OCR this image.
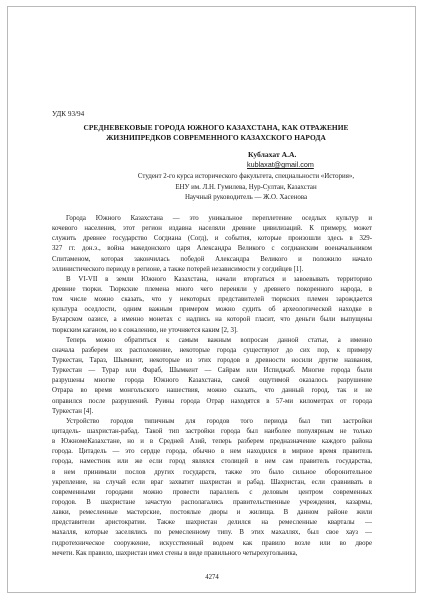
УДК 93/94
СРЕДНЕВЕКОВЫЕ ГОРОДА ЮЖНОГО КАЗАХСТАНА, КАК ОТРАЖЕНИЕ
ЖИЗНИПРЕДКОВ СОВРЕМЕННОГО КАЗАХСКОГО НАРОДА
Кублахат А.А.
kublaxat@gmail.com
Студент 2-го курса исторического факультета, специальности «История»,
ЕНУ им. Л.Н. Гумилева, Нур-Султан, Казахстан
Научный руководитель — Ж.О. Хасенова
Города Южного Казахстана — это уникальное переплетение оседлых культур и
кочевого населения, этот регион издавна населяли древние цивилизаций. К примеру, может
служить древнее государство Согдиана (Согд), и события, которые произошли здесь в 329-
327 гг. дон.э., война македонского царя Александра Великого с согдианским военачальником
Спитаменом, которая закончилась победой Александра Великого и положило начало
эллинистического периоду в регионе, а также потерей независимости у согдийцев [1].
В VI-VII в земли Южного Казахстана, начали вторгаться и завоевывать территорию
древние тюрки. Тюркские племена много чего переняли у древнего покоренного народа, в
том числе можно сказать, что у некоторых представителей тюркских племен зарождается
культура оседлости, одним важным примером можно судить об археологической находке в
Бухарском оазисе, а именно монетах с надпись на которой гласит, что деньги были выпущены
тюркским каганом, но к сожалению, не уточняется каким [2, 3].
Теперь можно обратиться к самым важным вопросам данной статьи, а именно
сначала разберем их расположение, некоторые города существуют до сих пор, к примеру
Туркестан, Тараз, Шымкент, некоторые из этих городов в древности носили другие названия,
Туркестан — Турар или Фараб, Шымкент — Сайрам или Испиджаб. Многие города были
разрушены многие города Южного Казахстана, самой ощутимой оказалось разрушение
Отрара во время монгольского нашествия, можно сказать, что данный город, так и не
оправился после разрушений. Руины города Отрар находятся в 57-ми километрах от города
Туркестан [4].
Устройство городов типичным для городов того периода был тип застройки
цитадель- шахристан-рабад. Такой тип застройки города был наиболее популярным не только
в ЮжномеКазахстане, но и в Средней Азий, теперь разберем предназначение каждого района
города. Цитадель — это сердце города, обычно в нем находился в мирное время правитель
города, наместник или же если город являлся столицей в нем сам правитель государства,
в нем принимали послов других государств, также это было сильное оборонительное
укрепление, на случай если враг захватит шахристан и рабад. Шахристан, если сравнивать в
современными городами можно провести параллель с деловым центром современных
городов. В шахристане зачастую располагались правительственные учреждения, казармы,
лавки, ремесленные мастерские, постоялые дворы и жилища. В данном районе жили
представители аристократии. Также шахристан делился на ремесленные кварталы —
махалля, которые заселялись по ремесленному типу. В этих махаллях, был свое хауз —
гидротехническое сооружение, искусственный водоем как правило возле или во дворе
мечети. Как правило, шахристан имел стены в виде правильного четырехугольника,
4274
